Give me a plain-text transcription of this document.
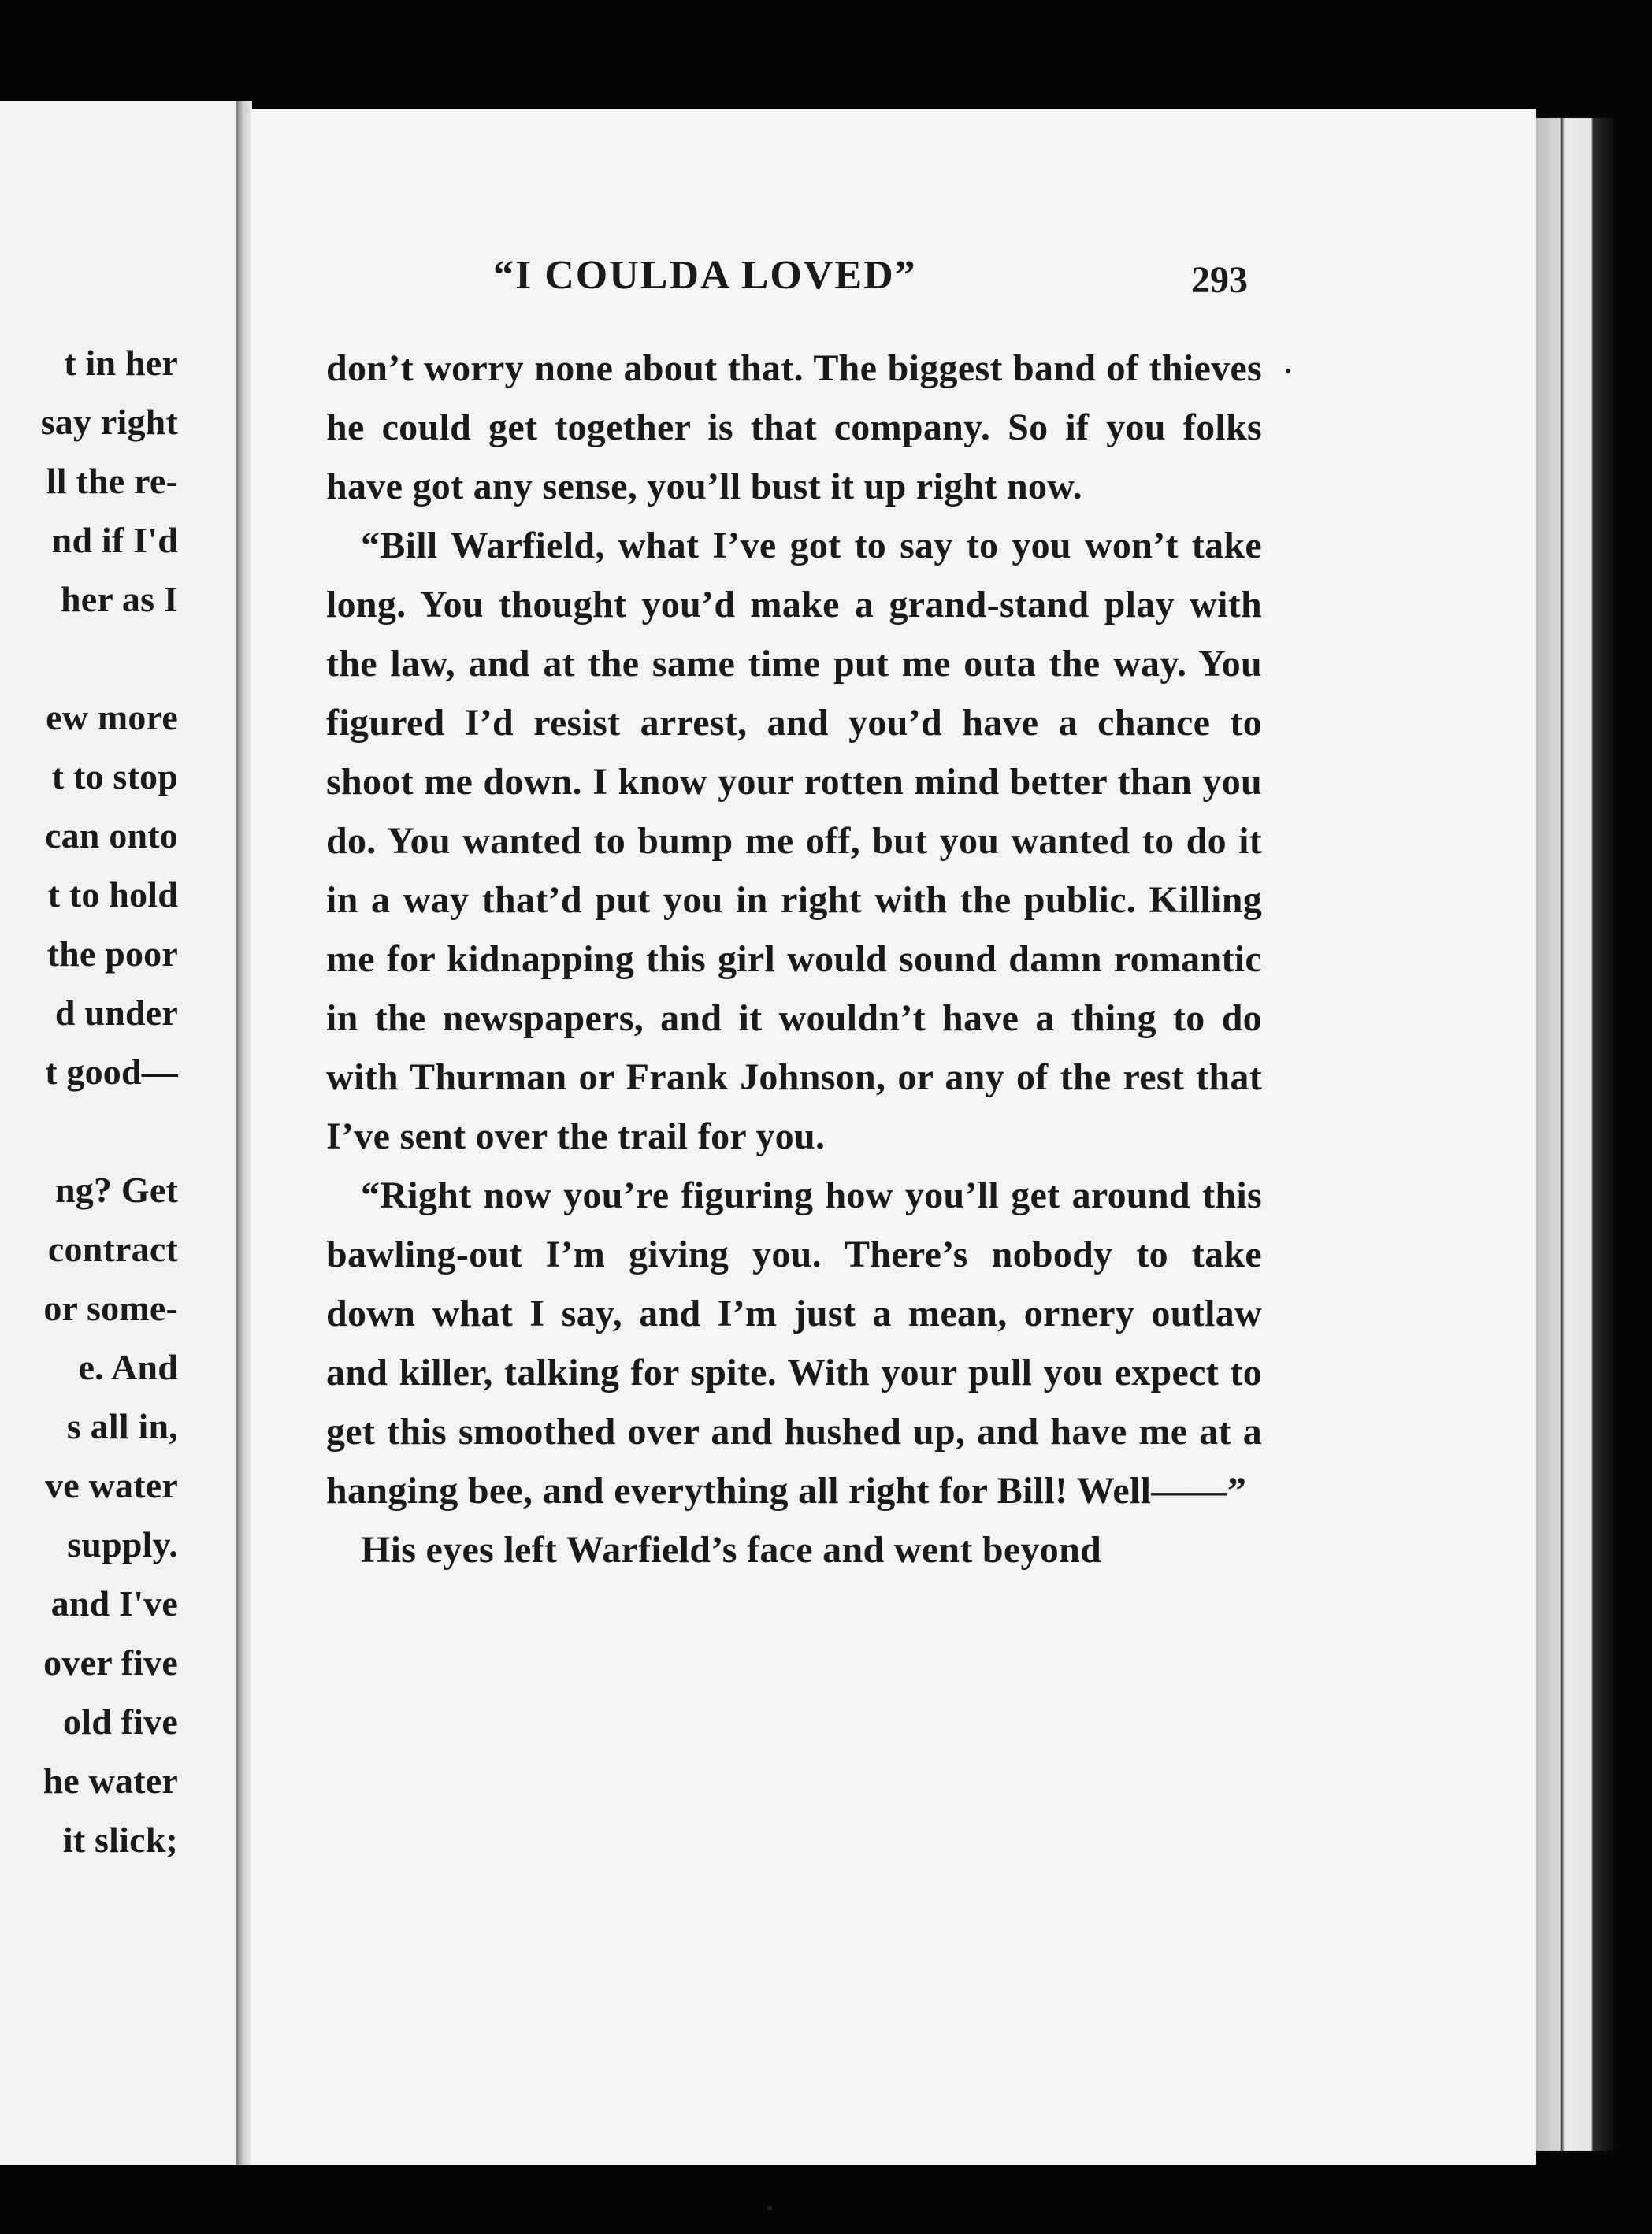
t in her
say right
ll the re-
nd if I'd
her as I
ew more
t to stop
can onto
t to hold
the poor
d under
t good—
ng? Get
contract
or some-
e. And
s all in,
ve water
supply.
and I've
over five
old five
he water
it slick;
“I COULDA LOVED”	293

don’t worry none about that. The biggest band of thieves he could get together is that company. So if you folks have got any sense, you’ll bust it up right now.

“Bill Warfield, what I’ve got to say to you won’t take long. You thought you’d make a grand-stand play with the law, and at the same time put me outa the way. You figured I’d resist arrest, and you’d have a chance to shoot me down. I know your rotten mind better than you do. You wanted to bump me off, but you wanted to do it in a way that’d put you in right with the public. Killing me for kidnapping this girl would sound damn romantic in the newspapers, and it wouldn’t have a thing to do with Thurman or Frank Johnson, or any of the rest that I’ve sent over the trail for you.

“Right now you’re figuring how you’ll get around this bawling-out I’m giving you. There’s nobody to take down what I say, and I’m just a mean, ornery outlaw and killer, talking for spite. With your pull you expect to get this smoothed over and hushed up, and have me at a hanging bee, and everything all right for Bill! Well——”

His eyes left Warfield’s face and went beyond
